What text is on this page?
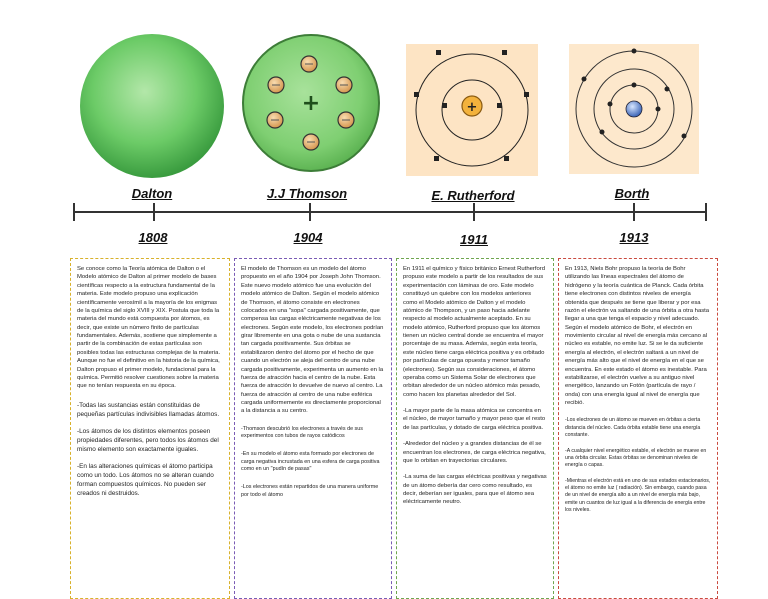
+	+
Dalton	J.J Thomson	E. Rutherford	Borth
1808	1904	1911	1913

Se conoce como la Teoría atómica de Dalton o el Modelo atómico de Dalton al primer modelo de bases científicas respecto a la estructura fundamental de la materia. Este modelo propuso una explicación científicamente verosímil a la mayoría de los enigmas de la química del siglo XVIII y XIX. Postula que toda la materia del mundo está compuesta por átomos, es decir, que existe un número finito de partículas fundamentales. Además, sostiene que simplemente a partir de la combinación de estas partículas son posibles todas las estructuras complejas de la materia. Aunque no fue el definitivo en la historia de la química, Dalton propuso el primer modelo, fundacional para la química. Permitió resolver cuestiones sobre la materia que no tenían respuesta en su época.

-Todas las sustancias están constituidas de pequeñas partículas indivisibles llamadas átomos.

-Los átomos de los distintos elementos poseen propiedades diferentes, pero todos los átomos del mismo elemento son exactamente iguales.

-En las alteraciones químicas el átomo participa como un todo. Los átomos no se alteran cuando forman compuestos químicos. No pueden ser creados ni destruidos.

El modelo de Thomson es un modelo del átomo propuesto en el año 1904 por Joseph John Thomson. Este nuevo modelo atómico fue una evolución del modelo atómico de Dalton. Según el modelo atómico de Thomson, el átomo consiste en electrones colocados en una "sopa" cargada positivamente, que compensa las cargas eléctricamente negativas de los electrones. Según este modelo, los electrones podrían girar libremente en una gota o nube de una sustancia tan cargada positivamente. Sus órbitas se estabilizaron dentro del átomo por el hecho de que cuando un electrón se aleja del centro de una nube cargada positivamente, experimenta un aumento en la fuerza de atracción hacia el centro de la nube. Esta fuerza de atracción lo devuelve de nuevo al centro. La fuerza de atracción al centro de una nube esférica cargada uniformemente es directamente proporcional a la distancia a su centro.

-Thomson descubrió los electrones a través de sus experimentos con tubos de rayos catódicos

-En su modelo el átomo esta formado por electrones de carga negativa incrustada en una esfera de carga positiva como en un "pudín de pasas"

-Los electrones están repartidos de una manera uniforme por todo el átomo

En 1911 el químico y físico británico Ernest Rutherford propuso este modelo a partir de los resultados de sus experimentación con láminas de oro. Este modelo constituyó un quiebre con los modelos anteriores como el Modelo atómico de Dalton y el modelo atómico de Thompson, y un paso hacia adelante respecto al modelo actualmente aceptado. En su modelo atómico, Rutherford propuso que los átomos tienen un núcleo central donde se encuentra el mayor porcentaje de su masa. Además, según esta teoría, este núcleo tiene carga eléctrica positiva y es orbitado por partículas de carga opuesta y menor tamaño (electrones). Según sus consideraciones, el átomo operaba como un Sistema Solar de electrones que orbitan alrededor de un núcleo atómico más pesado, como hacen los planetas alrededor del Sol.

-La mayor parte de la masa atómica se concentra en el núcleo, de mayor tamaño y mayor peso que el resto de las partículas, y dotado de carga eléctrica positiva.

-Alrededor del núcleo y a grandes distancias de él se encuentran los electrones, de carga eléctrica negativa, que lo orbitan en trayectorias circulares.

-La suma de las cargas eléctricas positivas y negativas de un átomo debería dar cero como resultado, es decir, deberían ser iguales, para que el átomo sea eléctricamente neutro.

En 1913, Niels Bohr propuso la teoría de Bohr utilizando las líneas espectrales del átomo de hidrógeno y la teoría cuántica de Planck. Cada órbita tiene electrones con distintos niveles de energía obtenida que después se tiene que liberar y por esa razón el electrón va saltando de una órbita a otra hasta llegar a una que tenga el espacio y nivel adecuado. Según el modelo atómico de Bohr, el electrón en movimiento circular al nivel de energía más cercano al núcleo es estable, no emite luz. Si se le da suficiente energía al electrón, el electrón saltará a un nivel de energía más alto que el nivel de energía en el que se encuentra. En este estado el átomo es inestable. Para estabilizarse, el electrón vuelve a su antiguo nivel energético, lanzando un Fotón (partícula de rayo / onda) con una energía igual al nivel de energía que recibió.

-Los electrones de un átomo se mueven en órbitas a cierta distancia del núcleo. Cada órbita estable tiene una energía constante.

-A cualquier nivel energético estable, el electrón se mueve en una órbita circular. Estas órbitas se denominan niveles de energía o capas.

-Mientras el electrón está en uno de sus estados estacionarios, el átomo no emite luz ( radiación). Sin embargo, cuando pasa de un nivel de energía alto a un nivel de energía más bajo, emite un cuantos de luz igual a la diferencia de energía entre los niveles.
